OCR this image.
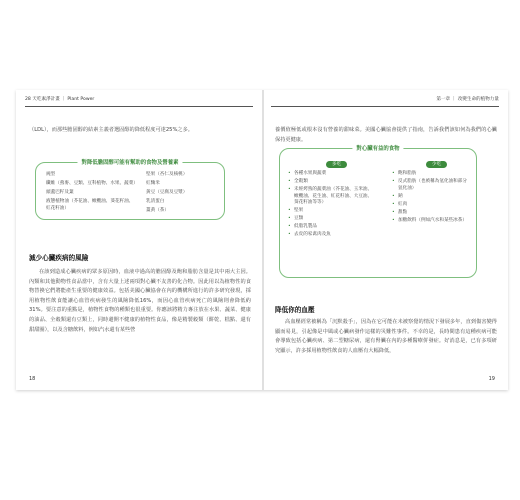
28 天吃素淨計畫 ｜ Plant Power
（LDL），而那些膽固醇的結素主義者選固醇的降低程度可達25%之多。
對降低膽固醇可能有幫助的食物及營養素
豌型
纖維（燕麥、豆類、豆科植物、水果、蔬菜）
頭蓋巴籽及葉
液態植物油（芥花油、橄欖油、葵花籽油、紅花籽油）
堅果（杏仁及核桃）
紅麴米
黃豆（豆腐及豆漿）
乳清蛋白
薑黃（茶）
減少心臟疾病的風險
在該到造成心臟疾病的眾多原因時，血液中過高的膽固醇及飽和脂肪含量是其中兩大主因。內類和其他動物性食品當中，含有大量上述兩項對心臟不友善的化合物。因此用以為植物性的食物替換它們將能產生重要的健康效益。包括美國心臟協會在內的機構所進行的許多研究發現，採用植物性飲食能讓心血管疾病發生的風險降低16%，而因心血管疾病死亡的風險則會降低約31%。要注意的重點是，植物性食物的種類也很重要。你應該將精力專注放在水果、蔬菜、健康的油品、全穀類還有豆類上，同時避開不健康的植物性食品，像是精製穀類（餅乾、糕點、還有甜甜圈），以及含糖飲料，例如汽水還有某些營
18
第一章 ｜ 改變生命的植物力量
養價值極低或根本沒有營養的甜味菜。美國心臟協會提供了指南，告訴我們該如何為我們的心臟保持更健康。
對心臟有益的食物
多吃	少吃
• 各種水果與蔬菜
• 全穀類
• 未經烤熟的蔬菜油（芥花油、玉米油、橄欖油、花生油、紅花籽油、大豆油、葵花籽油等等）
• 堅果
• 豆類
• 低脂乳製品
• 去皮的家禽肉及魚
• 飽和脂肪
• 反式脂肪（也被稱為氫化油和部分氫化油）
• 鈉
• 紅肉
• 甜點
• 加糖飲料（例如汽水和某些冰茶）
降低你的血壓
高血壓經常被稱為「沉默殺手」，因為在它可能在未被察覺的情況下發展多年，直到傷害變得顯而易見，引起像是中風或心臟病發作這樣的災難性事件。不幸的是，長時間患有這種疾病可能會導致包括心臟疾病、第二型糖尿病，還有腎臟在內的多種醫療併發症。好消息是，已有多項研究顯示，許多採用植物性飲食的人血壓有大幅降低，
19
